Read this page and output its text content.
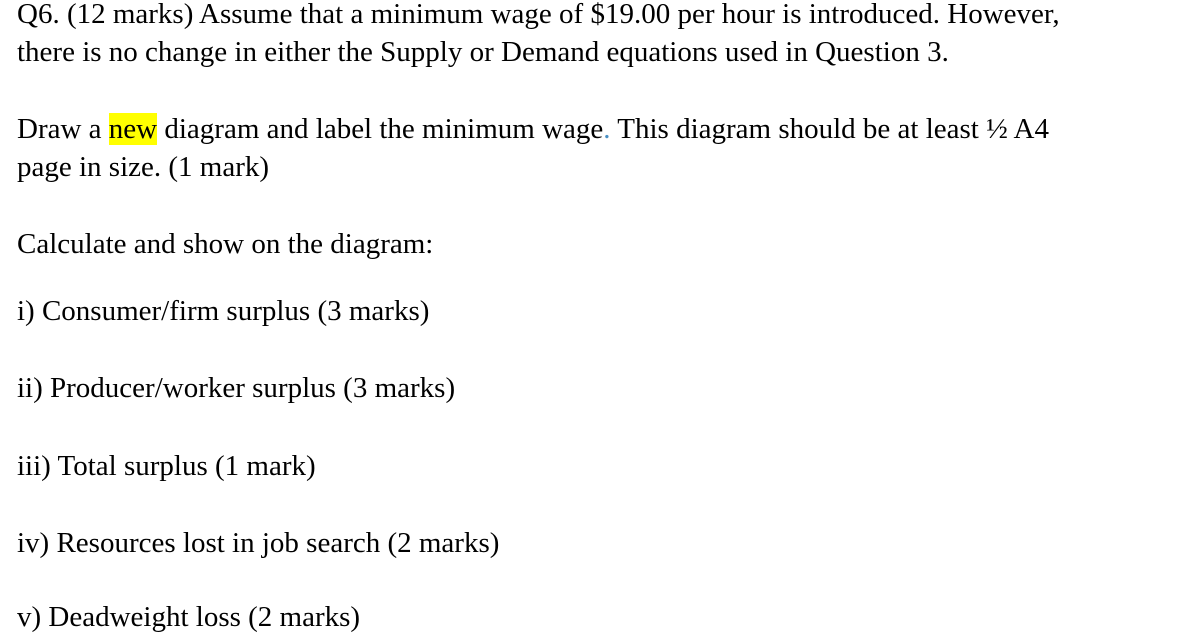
Q6. (12 marks) Assume that a minimum wage of $19.00 per hour is introduced. However,
there is no change in either the Supply or Demand equations used in Question 3.
Draw a new diagram and label the minimum wage. This diagram should be at least ½ A4
page in size. (1 mark)
Calculate and show on the diagram:
i) Consumer/firm surplus (3 marks)
ii) Producer/worker surplus (3 marks)
iii) Total surplus (1 mark)
iv) Resources lost in job search (2 marks)
v) Deadweight loss (2 marks)
